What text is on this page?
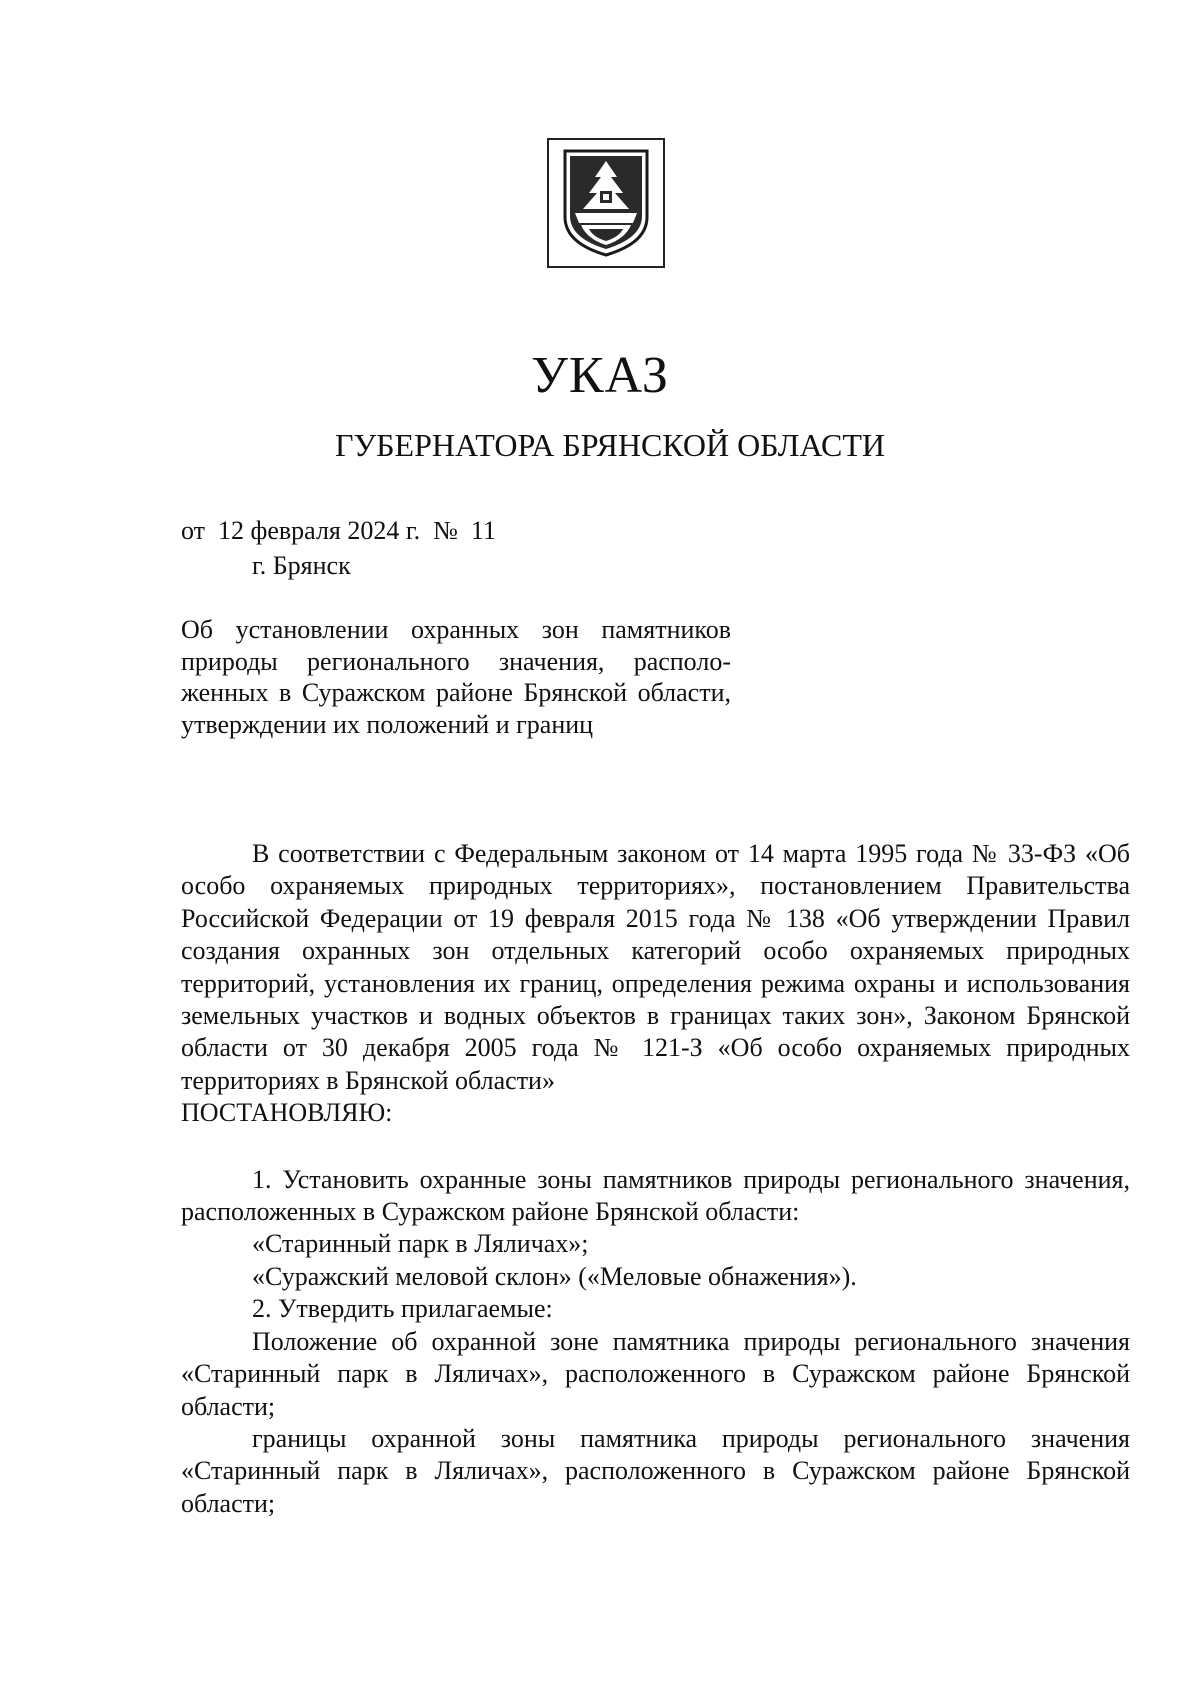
УКАЗ
ГУБЕРНАТОРА БРЯНСКОЙ ОБЛАСТИ
от  12 февраля 2024 г.  №  11
г. Брянск
Об установлении охранных зон памятников природы регионального значения, расположенных в Суражском районе Брянской области, утверждении их положений и границ

В соответствии с Федеральным законом от 14 марта 1995 года № 33-ФЗ «Об особо охраняемых природных территориях», постановлением Правительства Российской Федерации от 19 февраля 2015 года № 138 «Об утверждении Правил создания охранных зон отдельных категорий особо охраняемых природных территорий, установления их границ, определения режима охраны и использования земельных участков и водных объектов в границах таких зон», Законом Брянской области от 30 декабря 2005 года № 121-З «Об особо охраняемых природных территориях в Брянской области»

ПОСТАНОВЛЯЮ:

1. Установить охранные зоны памятников природы регионального значения, расположенных в Суражском районе Брянской области:

«Старинный парк в Ляличах»;

«Суражский меловой склон» («Меловые обнажения»).

2. Утвердить прилагаемые:

Положение об охранной зоне памятника природы регионального значения «Старинный парк в Ляличах», расположенного в Суражском районе Брянской области;

границы охранной зоны памятника природы регионального значения «Старинный парк в Ляличах», расположенного в Суражском районе Брянской области;
